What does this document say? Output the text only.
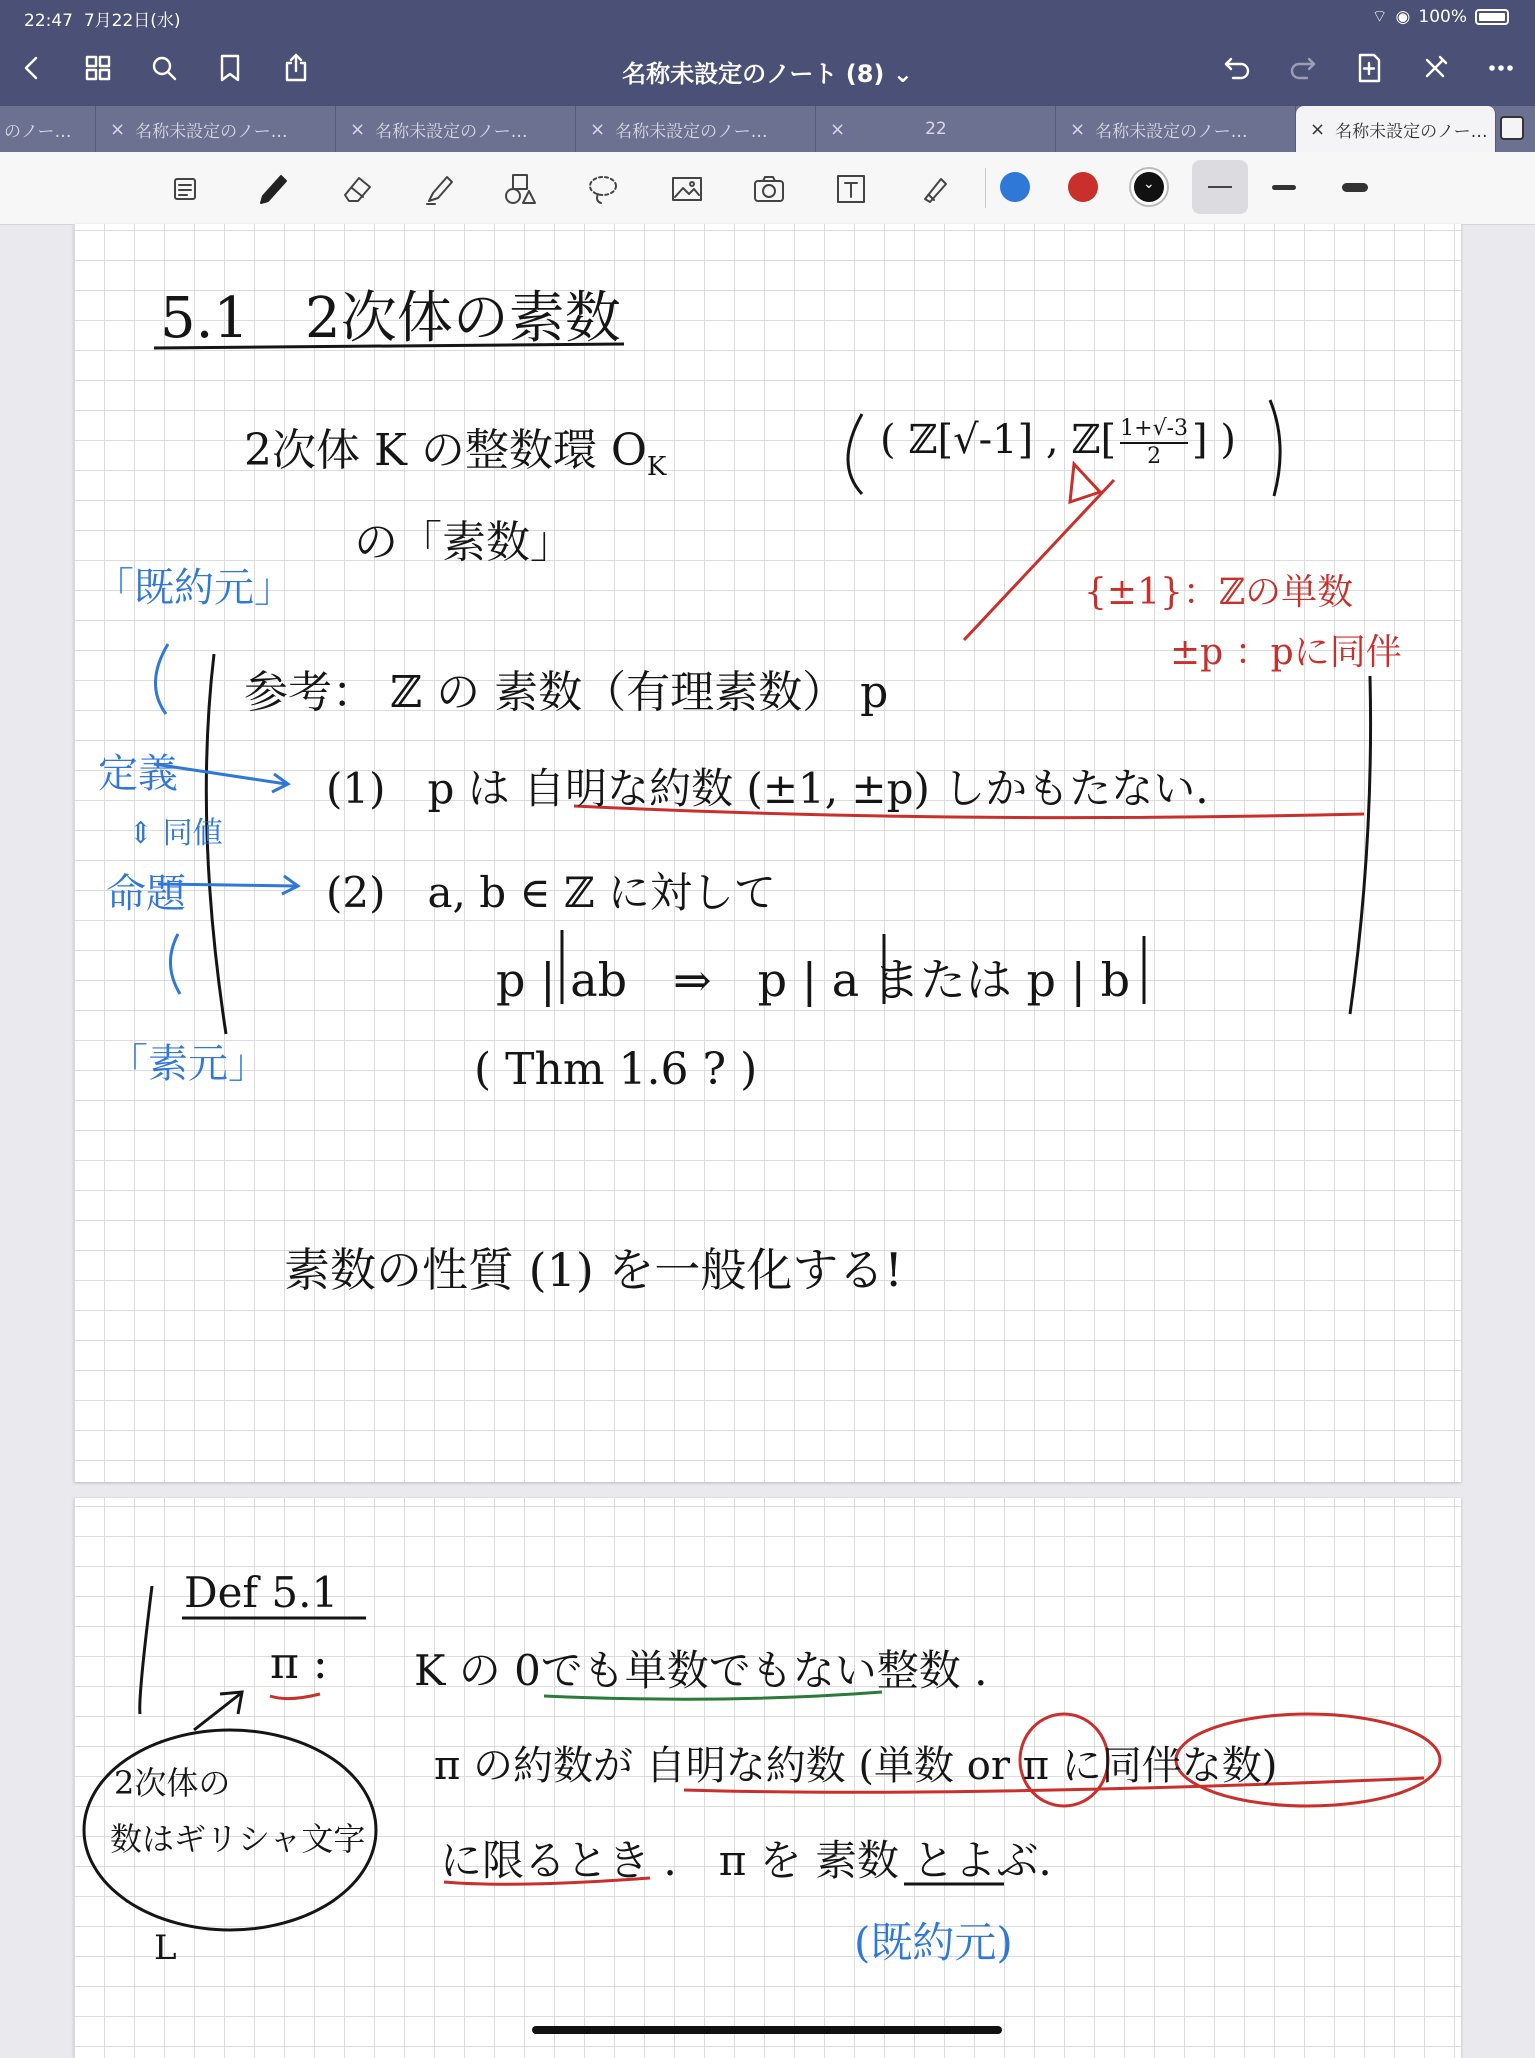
22:47 7月22日(水)	⌔ ◉ 100%
名称未設定のノート (8) ⌄
のノー… × 名称未設定のノー…	× 名称未設定のノー…	× 名称未設定のノー…	×	22	× 名称未設定のノー…	× 名称未設定のノー…
⌄
5.1　2次体の素数
2次体 K の整数環 $O_K$
( ℤ[√-1] , ℤ[ $\frac{1+√-3}{2}$ ] )
の「素数」
「既約元」	{±1}：ℤの単数
±p ：pに同伴
参考： ℤ の 素数（有理素数） p
定義
⇕ 同値
命題
(1)　p は 自明な約数 (±1, ±p) しかもたない.
(2)　a, b ∈ ℤ に対して
p | ab　⇒　p | a または p | b
( Thm 1.6 ? )
「素元」
素数の性質 (1) を一般化する!
Def 5.1
π : K の 0でも単数でもない整数 .
π の約数が 自明な約数 (単数 or π に同伴な数)
に限るとき .　π を 素数 とよぶ.
(既約元)
2次体の
数はギリシャ文字
L
